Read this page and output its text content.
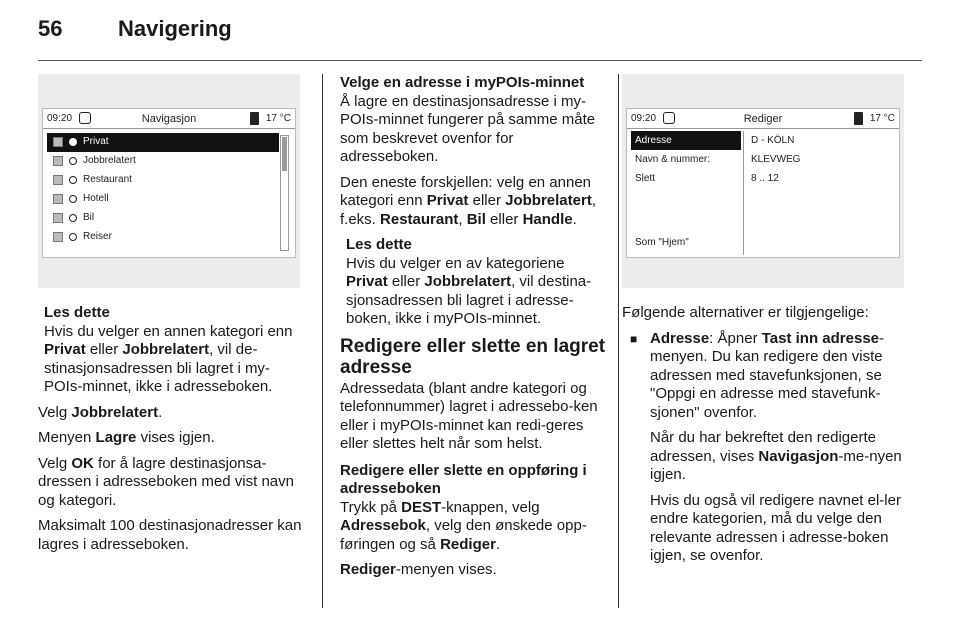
56	Navigering
09:20	Navigasjon	17 °C
Privat
Jobbrelatert
Restaurant
Hotell
Bil
Reiser
Les dette

Hvis du velger en annen kategori enn Privat eller Jobbrelatert, vil de-stinasjonsadressen bli lagret i my-POIs-minnet, ikke i adresseboken.

Velg Jobbrelatert.

Menyen Lagre vises igjen.

Velg OK for å lagre destinasjonsa-dressen i adresseboken med vist navn og kategori.

Maksimalt 100 destinasjonadresser kan lagres i adresseboken.

Velge en adresse i myPOIs-minnet

Å lagre en destinasjonsadresse i my-POIs-minnet fungerer på samme måte som beskrevet ovenfor for adresseboken.

Den eneste forskjellen: velg en annen kategori enn Privat eller Jobbrelatert, f.eks. Restaurant, Bil eller Handle.

Les dette

Hvis du velger en av kategoriene Privat eller Jobbrelatert, vil destina-sjonsadressen bli lagret i adresse-boken, ikke i myPOIs-minnet.

Redigere eller slette en lagret adresse

Adressedata (blant andre kategori og telefonnummer) lagret i adressebo-ken eller i myPOIs-minnet kan redi-geres eller slettes helt når som helst.

Redigere eller slette en oppføring i adresseboken

Trykk på DEST-knappen, velg Adressebok, velg den ønskede opp-føringen og så Rediger.

Rediger-menyen vises.

09:20	Rediger	17 °C
Adresse
Navn & nummer:
Slett
D - KÖLN
KLEVWEG
8 .. 12
Som "Hjem"

Følgende alternativer er tilgjengelige:

■ Adresse: Åpner Tast inn adresse-menyen. Du kan redigere den viste adressen med stavefunksjonen, se "Oppgi en adresse med stavefunk-sjonen" ovenfor.

Når du har bekreftet den redigerte adressen, vises Navigasjon-me-nyen igjen.

Hvis du også vil redigere navnet el-ler endre kategorien, må du velge den relevante adressen i adresse-boken igjen, se ovenfor.
